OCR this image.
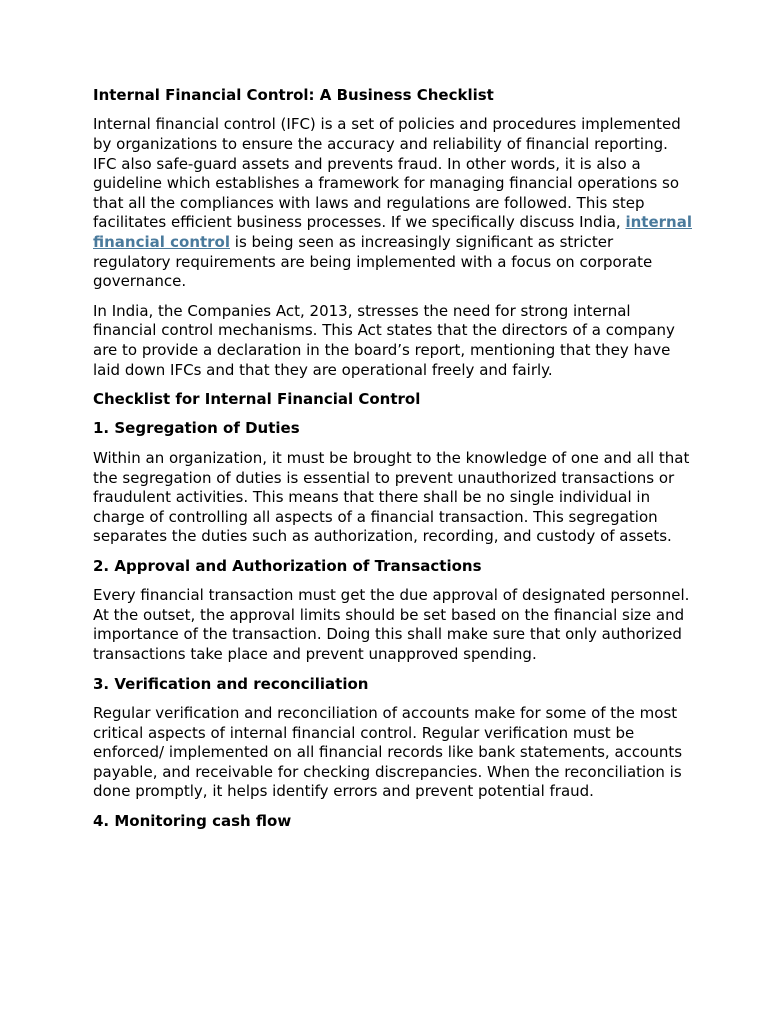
Internal Financial Control: A Business Checklist

Internal financial control (IFC) is a set of policies and procedures implemented by organizations to ensure the accuracy and reliability of financial reporting. IFC also safe-guard assets and prevents fraud. In other words, it is also a guideline which establishes a framework for managing financial operations so that all the compliances with laws and regulations are followed. This step facilitates efficient business processes. If we specifically discuss India, internal financial control is being seen as increasingly significant as stricter regulatory requirements are being implemented with a focus on corporate governance.

In India, the Companies Act, 2013, stresses the need for strong internal financial control mechanisms. This Act states that the directors of a company are to provide a declaration in the board’s report, mentioning that they have laid down IFCs and that they are operational freely and fairly.

Checklist for Internal Financial Control
1. Segregation of Duties

Within an organization, it must be brought to the knowledge of one and all that the segregation of duties is essential to prevent unauthorized transactions or fraudulent activities. This means that there shall be no single individual in charge of controlling all aspects of a financial transaction. This segregation separates the duties such as authorization, recording, and custody of assets.

2. Approval and Authorization of Transactions

Every financial transaction must get the due approval of designated personnel. At the outset, the approval limits should be set based on the financial size and importance of the transaction. Doing this shall make sure that only authorized transactions take place and prevent unapproved spending.

3. Verification and reconciliation

Regular verification and reconciliation of accounts make for some of the most critical aspects of internal financial control. Regular verification must be enforced/ implemented on all financial records like bank statements, accounts payable, and receivable for checking discrepancies. When the reconciliation is done promptly, it helps identify errors and prevent potential fraud.

4. Monitoring cash flow
